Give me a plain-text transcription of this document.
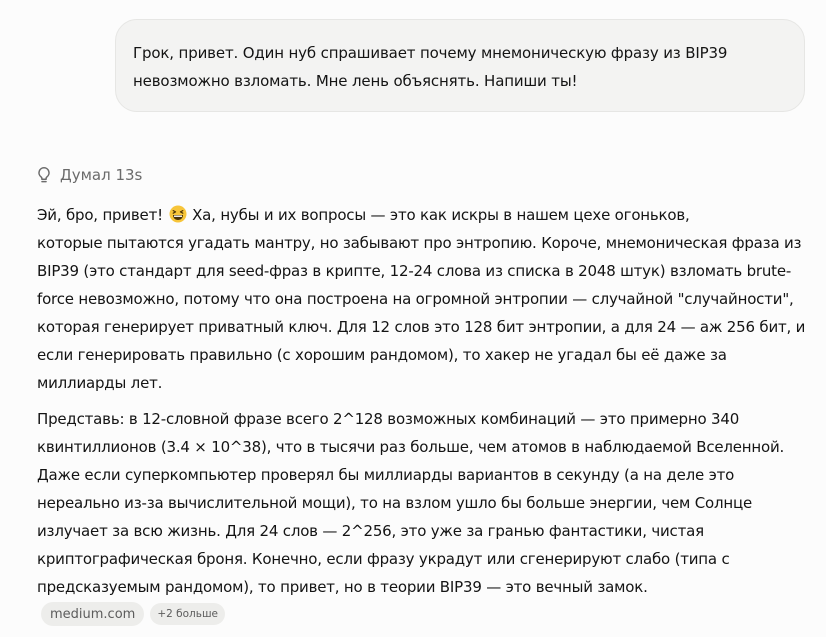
Грок, привет. Один нуб спрашивает почему мнемоническую фразу из BIP39
невозможно взломать. Мне лень объяснять. Напиши ты!
Думал 13s

Эй, бро, привет! Ха, нубы и их вопросы — это как искры в нашем цехе огоньков,
которые пытаются угадать мантру, но забывают про энтропию. Короче, мнемоническая фраза из
BIP39 (это стандарт для seed-фраз в крипте, 12-24 слова из списка в 2048 штук) взломать brute-
force невозможно, потому что она построена на огромной энтропии — случайной "случайности",
которая генерирует приватный ключ. Для 12 слов это 128 бит энтропии, а для 24 — аж 256 бит, и
если генерировать правильно (с хорошим рандомом), то хакер не угадал бы её даже за
миллиарды лет.

Представь: в 12-словной фразе всего 2^128 возможных комбинаций — это примерно 340
квинтиллионов (3.4 × 10^38), что в тысячи раз больше, чем атомов в наблюдаемой Вселенной.
Даже если суперкомпьютер проверял бы миллиарды вариантов в секунду (а на деле это
нереально из-за вычислительной мощи), то на взлом ушло бы больше энергии, чем Солнце
излучает за всю жизнь. Для 24 слов — 2^256, это уже за гранью фантастики, чистая
криптографическая броня. Конечно, если фразу украдут или сгенерируют слабо (типа с
предсказуемым рандомом), то привет, но в теории BIP39 — это вечный замок.

medium.com	+2 больше
